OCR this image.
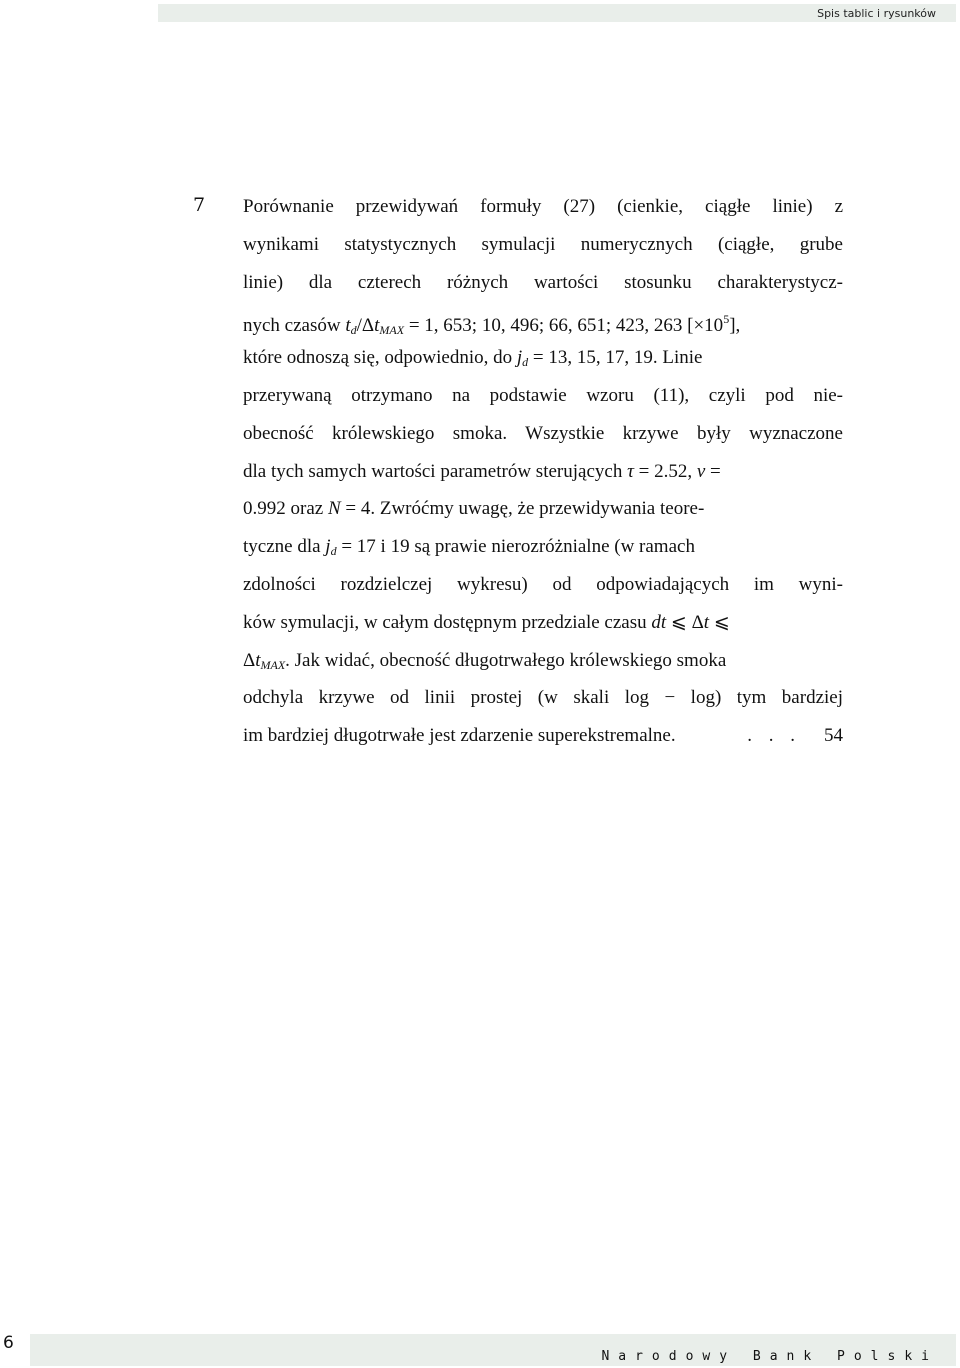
Spis tablic i rysunków
7 Porównanie przewidywań formuły (27) (cienkie, ciągłe linie) z
wynikami statystycznych symulacji numerycznych (ciągłe, grube
linie) dla czterech różnych wartości stosunku charakterystycz-
nych czasów $t_d/\Delta t_{MAX} = 1$, 653; 10, 496; 66, 651; 423, 263 $[\times 10^5]$,
które odnoszą się, odpowiednio, do $j_d = 13$, 15, 17, 19. Linie
przerywaną otrzymano na podstawie wzoru (11), czyli pod nie-
obecność królewskiego smoka. Wszystkie krzywe były wyznaczone
dla tych samych wartości parametrów sterujących τ = 2.52, v =
0.992 oraz N = 4. Zwróćmy uwagę, że przewidywania teore-
tyczne dla $j_d = 17$ i 19 są prawie nierozróżnialne (w ramach
zdolności rozdzielczej wykresu) od odpowiadających im wyni-
ków symulacji, w całym dostępnym przedziale czasu dt ⩽ Δt ⩽
$\Delta t_{MAX}$. Jak widać, obecność długotrwałego królewskiego smoka
odchyla krzywe od linii prostej (w skali log − log) tym bardziej
im bardziej długotrwałe jest zdarzenie superekstremalne.	. . .	54
6
Narodowy Bank Polski
